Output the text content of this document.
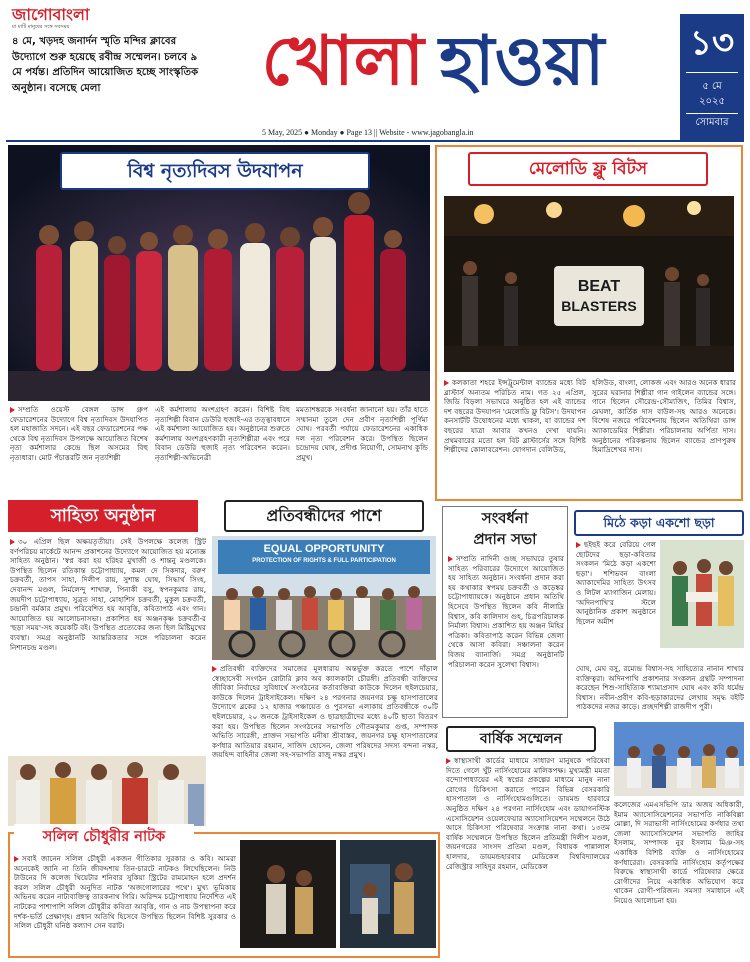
জাগোবাংলা
মা মাটি মানুষের সঙ্গে সবসময়
৪ মে, খড়দহ জনার্দন স্মৃতি মন্দির ক্লাবের উদ্যোগে শুরু হয়েছে রবীন্দ্র সম্মেলন। চলবে ৯ মে পর্যন্ত। প্রতিদিন আয়োজিত হচ্ছে সাংস্কৃতিক অনুষ্ঠান। বসেছে মেলা	খোলা হাওয়া
5 May, 2025 ● Monday ● Page 13 || Website - www.jagobangla.in
১৩
৫ মে
২০২৫
সোমবার
বিশ্ব নৃত্যদিবস উদযাপন
সম্প্রতি ওয়েস্ট বেঙ্গল ডান্স গ্রুপ ফেডারেশনের উদ্যোগে বিশ্ব নৃত্যদিবস উদযাপিত হল মহাজাতি সদনে। এই বছর ফেডারেশনের পক্ষ থেকে বিশ্ব নৃত্যদিবস উপলক্ষে আয়োজিত বিশেষ নৃত্য কর্মশালার কেন্দ্রে ছিল অসমের বিহু নৃত্যধারা। মোট পঁচাত্তরটি জন নৃত্যশিল্পী
এই কর্মশালায় অংশগ্রহণ করেন। বিশিষ্ট বিহু নৃত্যশিল্পী বিবান ডেউরি হুজাই-এর তত্ত্বাবধানে এই কর্মশালা আয়োজিত হয়। অনুষ্ঠানের শুরুতে কর্মশালায় অংশগ্রহণকারী নৃত্যশিল্পীরা এবং পরে বিবান ডেউরি হুজাই নৃত্য পরিবেশন করেন। নৃত্যশিল্পী-অভিনেত্রী
মমতাশঙ্করকে সংবর্ধনা জানানো হয়। তাঁর হাতে সম্মানমা তুলে দেন প্রবীণ নৃত্যশিল্পী পূর্ণিমা ঘোষ। পরবর্তী পর্যায়ে ফেডারেশনের একাধিক দল নৃত্য পরিবেশন করে। উপস্থিত ছিলেন চন্দ্রোদয় ঘোষ, প্রদীপ্ত নিয়োগী, সোমনাথ কুন্ডি প্রমুখ।
মেলোডি ফ্লু বিটস
BEAT
BLASTERS
কলকাতা শহরে ইন্সট্রুমেন্টাল ব্যান্ডের মধ্যে বিট ব্লাস্টার্স অন্যতম পরিচিত নাম। গত ২৫ এপ্রিল, জিডি বিড়লা সভাঘরে অনুষ্ঠিত হল এই ব্যান্ডের দশ বছরের উদযাপন 'মেলোডি ফ্লু বিটস'। উদযাপন কনসার্টটি উদ্বোধনের মধ্যে থাকল, যা ব্যান্ডের দশ বছরের যাত্রা আবার কখনও দেখা যায়নি। প্রথমবারের মতো হল বিট ব্লাস্টার্সের সঙ্গে বিশিষ্ট শিল্পীদের কোলাবরেশন। যোগদান বেলিউড,
হলিউড, বাংলা, লোকজ এবং আরও অনেক ধারার সুরের ঘরানার শিল্পীরা গান গাইলেন ব্যান্ডের সঙ্গে। গানে ছিলেন সৌরেন্দ্র-সৌম্যজিৎ, তিমির বিশ্বাস, মেঘলা, কার্তিক দাস বাউল-সহ আরও অনেকে। বিশেষ নজরে পরিবেশনায় ছিলেন অতিথিরা ডান্স অ্যাকাডেমির শিল্পীরা। পরিচালনায় অর্পিতা দাস। অনুষ্ঠানের পরিকল্পনায় ছিলেন ব্যান্ডের প্রাণপুরুষ হিমাদ্রিশেখর দাস।
সাহিত্য অনুষ্ঠান
৩০ এপ্রিল ছিল অক্ষয়তৃতীয়া। সেই উপলক্ষে কলেজ স্ট্রিট বর্ণপরিচয় মার্কেটে আনন্দ প্রকাশনের উদ্যোগে আয়োজিত হয় মনোজ্ঞ সাহিত্য অনুষ্ঠান। 'স্বপ্ন করা হয় হরিহর মুখার্জী ও শান্তনু মণ্ডলকে। উপস্থিত ছিলেন রতিকান্ত চট্টোপাধ্যায়, কমল দে সিকদার, বরুণ চক্রবর্তী, তাপস সাহা, দিলীপ রায়, সুশান্ত ঘোষ, সিদ্ধার্থ সিংহ, দেবানন্দ মণ্ডল, নির্মলেন্দু শাখারু, পিনাকী বসু, স্বপনকুমার রায়, জয়দীপ চট্টোপাধ্যায়, সুব্রত সাহা, মোহাশিস চক্রবর্তী, মুকুল চক্রবর্তী, চন্দ্রানী বর্মকার প্রমুখ। পরিবেশিত হয় আবৃত্তি, কবিতাপাঠ এবং গান। আয়োজিত হয় আলোচনাসভা। প্রকাশিত হয় অঞ্জনকৃষ্ণ চক্রবর্তী-র 'ছড়া সময়'-সহ কয়েকটি বই। উপস্থিত প্রত্যেকের জন্য ছিল মিষ্টিমুখের ব্যবস্থা। সমগ্র অনুষ্ঠানটি আন্তরিকতার সঙ্গে পরিচালনা করেন নিশানচন্দ্র মণ্ডল।
প্রতিবন্ধীদের পাশে
EQUAL OPPORTUNITY
PROTECTION OF RIGHTS & FULL PARTICIPATION
প্রতিবন্ধী ব্যক্তিদের সমাজের মূলধারায় অন্তর্ভুক্ত করতে পাশে দাঁড়াল স্বেচ্ছাসেবী সংগঠন রোটারি ক্লাব অব ক্যালকাটা চৌরঙ্গী। প্রতিবন্ধী ব্যক্তিদের জীবিকা নির্বাহের সুবিধার্থে সংগঠনের কর্তাব্যক্তিরা কাউকে দিলেন হুইলচেয়ার, কাউকে দিলেন ট্রাইসাইকেল। দক্ষিণ ২৪ পরগনার জয়নগর চক্ষু হাসপাতালের উদ্যোগে ব্লকের ১২ হাজার পঞ্চায়েত ও পুরসভা এলাকায় প্রতিবন্ধীকে ৩০টি হুইলচেয়ার, ২০ জনকে ট্রাইসাইকেল ও ছাত্রছাত্রীদের মধ্যে ৪০টি ছাতা বিতরণ করা হয়। উপস্থিত ছিলেন সংগঠনের সভাপতি গৌতমকুমার গুপ্ত, সম্পাদক অভিতি সারেঙ্গী, প্রাক্তন সভাপতি মনীষা শ্রীবাস্তব, জয়নগর চক্ষু হাসপাতালের কর্ণধার আতিয়ার রহমান, সাজিদ হোসেন, জেলা পরিষদের সদস্য বন্দনা নস্কর, জয়হিন্দ বাহিনীর জেলা সহ-সভাপতি রাজু নস্কর প্রমুখ।
সংবর্ধনা
প্রদান সভা
সম্প্রতি নাদিনী গুচ্ছ সভাঘরে তুষার সাহিত্য পরিবারের উদ্যোগে আয়োজিত হয় সাহিত্য অনুষ্ঠান। সংবর্ধনা প্রদান করা হয় কথাকার স্বপময় চক্রবর্তী ও কড়েঙ্কর চট্টোপাধ্যায়কে। অনুষ্ঠানে প্রধান অতিথি হিসেবে উপস্থিত ছিলেন কবি নীলাদ্রি বিশ্বাস, কবি কালিদাস গুহ, চিত্রপরিচালক নির্মাল্য বিশ্বাস। প্রকাশিত হয় অঞ্জন মিহির পত্রিকা। কবিতাপাঠ করেন বিভিন্ন জেলা থেকে আসা কবিরা। সঞ্চালনা করেন বিজয় ব্যানার্জি। সমগ্র অনুষ্ঠানটি পরিচালনা করেন সুলেখা বিশ্বাস।
মিঠে কড়া একশো ছড়া
ছইছই করে বেরিয়ে গেল ছোটদের ছড়া-কবিতার সংকলন 'মিঠে কড়া একশো ছড়া'। শশিভবন বাংলা অ্যাকাদেমির সাহিত্য উৎসব ও লিটল ম্যাগাজিন মেলায়। 'অদিনপাখি'র স্টলে আনুষ্ঠানিক প্রকাশ অনুষ্ঠানে ছিলেন অমীশ
ঘোষ, মেঘ বসু, রম্যেন্দ্র বিশ্বাস-সহ সাহিত্যের নানান শাখার ব্যক্তিত্বরা। অদিনপাখি প্রকাশনার সংকলন গ্রন্থটি সম্পাদনা করেছেন শিশু-সাহিত্যিক শ্যামাপ্রসাদ ঘোষ এবং কবি ধর্মেন্দ্র বিশ্বাস। নবীন-প্রবীণ কবি-ছড়াকারদের লেখায় সমৃদ্ধ বইটি পাঠকদের নজর কাড়ে। প্রচ্ছদশিল্পী রাজদীপ পুরী।
বার্ষিক সম্মেলন
স্বাস্থ্যসাথী কার্ডের মাধ্যমে সাধারণ মানুষকে পরিষেবা দিতে গেলে খুঁট নার্সিংহোমের মালিকপক্ষ। মুখ্যমন্ত্রী মমতা বন্দ্যোপাধ্যায়ের এই স্বপ্নের প্রকল্পের মাধ্যমে মানুষ নানা রোগের চিকিৎসা করাতে পারেন বিভিন্ন বেসরকারি হাসপাতাল ও নার্সিংহোমগুলিতে। ডায়মন্ড হারবারে অনুষ্ঠিত দক্ষিণ ২৪ পরগনা নার্সিংহোম এবং ডায়াগনস্টিক এসোসিয়েশন ওয়েলফেয়ার অ্যাসোসিয়েশন সম্মেলনে উঠে আসে চিকিৎসা পরিষেবার সংক্রান্ত নানা কথা। ১৩তম বার্ষিক সম্মেলনে উপস্থিত ছিলেন প্রতিমন্ত্রী দিলীপ মণ্ডল, জয়নগরের সাংসদ প্রতিমা মণ্ডল, বিধায়ক পান্নালাল হালদার, ডায়মন্ডহারবার মেডিকেল বিশ্ববিদ্যালয়ের রেজিস্ট্রার সাহিদুর রহমান, মেডিকেল
কলেজের এমএসভিপি ডাঃ অজয় অধিকারী, ইমাম অ্যাসোসিয়েশনের সভাপতি নাকিবিল্লা মোল্লা, দি সরাভাসী নার্সিংহোমের কর্ণধার তথা জেলা অ্যাসোসিয়েশন সভাপতি জাহির ইসলাম, সম্পাদক নুর ইসলাম মিঞ-সহ একাধিক বিশিষ্ট ব্যক্তি ও নার্সিংহোমের কর্ণধারেরা। বেসরকারি নার্সিংহোম কর্তৃপক্ষের বিরুদ্ধে স্বাস্থ্যসাথী কার্ডে পরিষেবার ক্ষেত্রে রোগীদের নিয়ে একাধিক অভিযোগ করে থাকেন রোগী-পরিজন। সমস্যা সমাধানে এই নিয়েও আলোচনা হয়।
সলিল চৌধুরীর নাটক
সবাই জানেন সলিল চৌধুরী একজন গীতিকার সুরকার ও কবি। আমরা অনেকেই জানি না তিনি জীবদ্দশায় তিন-চারটে নাটকও লিখেছিলেন। নিউ টাউনের দি কলেজ থিয়েটার শনিবার সুকিয়া স্ট্রিটের রামমোহন হলে প্রদর্শন করল সলিল চৌধুরী অনুদিত নাটক 'অজগোলারের পথে'। মুখ্য ভূমিকায় অভিনয় করেন নাট্যব্যক্তিত্ব তারকনাথ গিরি। অরিন্দম চট্টোপাধ্যায় নির্দেশিত এই নাটকের পাশাপাশি সলিল চৌধুরীর কবিতা আবৃত্তি, গান ও নাচ উপস্থাপনা করে দর্শক-ভর্তি প্রেক্ষাগৃহ। প্রধান অতিথি হিসেবে উপস্থিত ছিলেন বিশিষ্ট সুরকার ও সলিল চৌধুরী ঘনিষ্ঠ কল্যাণ সেন বরাট।
